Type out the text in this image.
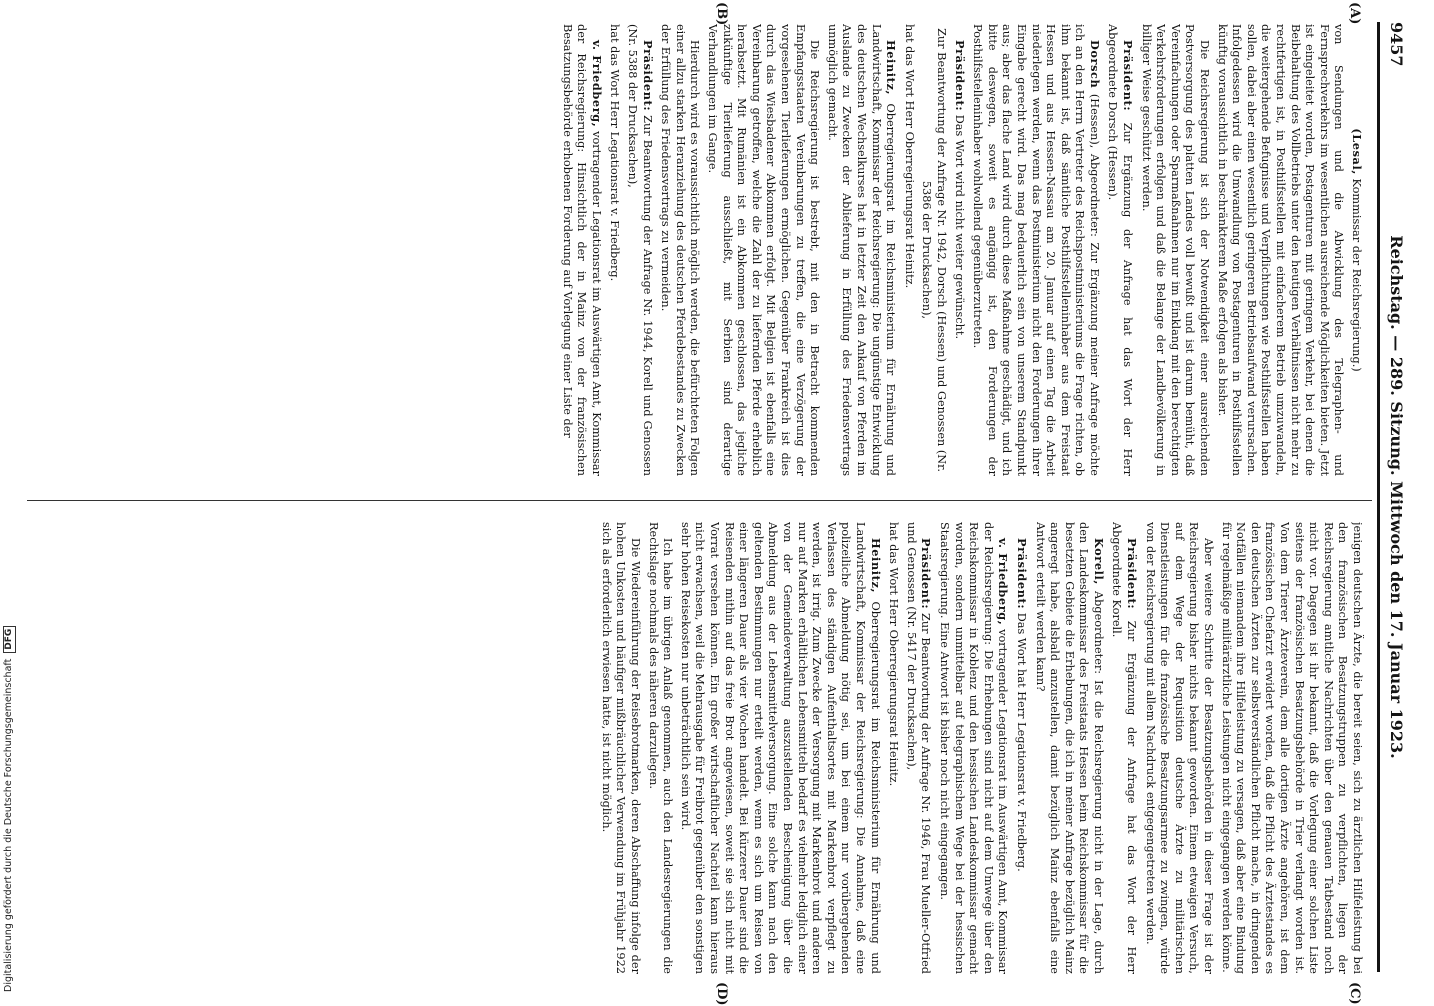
Reichstag. — 289. Sitzung. Mittwoch den 17. Januar 1923.
9457
(A)
(B)
(C)
(D)

(Lesal, Kommissar der Reichsregierung.)

von Sendungen und die Abwicklung des Telegraphen- und Fernsprechverkehrs im wesentlichen ausreichende Möglichkeiten bieten. Jetzt ist eingeleitet worden, Postagenturen mit geringem Verkehr, bei denen die Beibehaltung des Vollbetriebs unter den heutigen Verhältnissen nicht mehr zu rechtfertigen ist, in Posthilfsstellen mit einfacherem Betrieb umzuwandeln, die weitergehende Befugnisse und Verpflichtungen wie Posthilfsstellen haben sollen, dabei aber einen wesentlich geringeren Betriebsaufwand verursachen. Infolgedessen wird die Umwandlung von Postagenturen in Posthilfsstellen künftig voraussichtlich in beschränkterem Maße erfolgen als bisher.

Die Reichsregierung ist sich der Notwendigkeit einer ausreichenden Postversorgung des platten Landes voll bewußt und ist darum bemüht, daß Vereinfachungen oder Sparmaßnahmen nur im Einklang mit den berechtigten Verkehrsforderungen erfolgen und daß die Belange der Landbevölkerung in billiger Weise geschützt werden.

Präsident: Zur Ergänzung der Anfrage hat das Wort der Herr Abgeordnete Dorsch (Hessen).

Dorsch (Hessen), Abgeordneter: Zur Ergänzung meiner Anfrage möchte ich an den Herrn Vertreter des Reichspostministeriums die Frage richten, ob ihm bekannt ist, daß sämtliche Posthilfsstelleninhaber aus dem Freistaat Hessen und aus Hessen-Nassau am 20. Januar auf einen Tag die Arbeit niederlegen werden, wenn das Postministerium nicht den Forderungen ihrer Eingabe gerecht wird. Das mag bedauerlich sein von unserem Standpunkt aus; aber das flache Land wird durch diese Maßnahme geschädigt, und ich bitte deswegen, soweit es angängig ist, den Forderungen der Posthilfsstelleninhaber wohlwollend gegenüberzutreten.

Präsident: Das Wort wird nicht weiter gewünscht.

Zur Beantwortung der Anfrage Nr. 1942, Dorsch (Hessen) und Genossen (Nr. 5386 der Drucksachen),

hat das Wort Herr Oberregierungsrat Heinitz.

Heinitz, Oberregierungsrat im Reichsministerium für Ernährung und Landwirtschaft, Kommissar der Reichsregierung: Die ungünstige Entwicklung des deutschen Wechselkurses hat in letzter Zeit den Ankauf von Pferden im Auslande zu Zwecken der Ablieferung in Erfüllung des Friedensvertrags unmöglich gemacht.

Die Reichsregierung ist bestrebt, mit den in Betracht kommenden Empfangsstaaten Vereinbarungen zu treffen, die eine Verzögerung der vorgesehenen Tierlieferungen ermöglichen. Gegenüber Frankreich ist dies durch das Wiesbadener Abkommen erfolgt. Mit Belgien ist ebenfalls eine Vereinbarung getroffen, welche die Zahl der zu liefernden Pferde erheblich herabsetzt. Mit Rumänien ist ein Abkommen geschlossen, das jegliche zukünftige Tierlieferung ausschließt, mit Serbien sind derartige Verhandlungen im Gange.

Hierdurch wird es voraussichtlich möglich werden, die befürchteten Folgen einer allzu starken Heranziehung des deutschen Pferdebestandes zu Zwecken der Erfüllung des Friedensvertrags zu vermeiden.

Präsident: Zur Beantwortung der Anfrage Nr. 1944, Korell und Genossen (Nr. 5388 der Drucksachen),

hat das Wort Herr Legationsrat v. Friedberg.

v. Friedberg, vortragender Legationsrat im Auswärtigen Amt, Kommissar der Reichsregierung: Hinsichtlich der in Mainz von der französischen Besatzungsbehörde erhobenen Forderung auf Vorlegung einer Liste der

jenigen deutschen Ärzte, die bereit seien, sich zu ärztlichen Hilfeleistung bei den französischen Besatzungstruppen zu verpflichten, liegen der Reichsregierung amtliche Nachrichten über den genauen Tatbestand noch nicht vor. Dagegen ist ihr bekannt, daß die Vorlegung einer solchen Liste seitens der französischen Besatzungsbehörde in Trier verlangt worden ist. Von dem Trierer Ärzteverein, dem alle dortigen Ärzte angehören, ist dem französischen Chefarzt erwidert worden, daß die Pflicht des Ärztestandes es den deutschen Ärzten zur selbstverständlichen Pflicht mache, in dringenden Notfällen niemandem ihre Hilfeleistung zu versagen, daß aber eine Bindung für regelmäßige militärärztliche Leistungen nicht eingegangen werden könne.

Aber weitere Schritte der Besatzungsbehörden in dieser Frage ist der Reichsregierung bisher nichts bekannt geworden. Einem etwaigen Versuch, auf dem Wege der Requisition deutsche Ärzte zu militärischen Dienstleistungen für die französische Besatzungsarmee zu zwingen, würde von der Reichsregierung mit allem Nachdruck entgegengetreten werden.

Präsident: Zur Ergänzung der Anfrage hat das Wort der Herr Abgeordnete Korell.

Korell, Abgeordneter: Ist die Reichsregierung nicht in der Lage, durch den Landeskommissar des Freistaats Hessen beim Reichskommissar für die besetzten Gebiete die Erhebungen, die ich in meiner Anfrage bezüglich Mainz angeregt habe, alsbald anzustellen, damit bezüglich Mainz ebenfalls eine Antwort erteilt werden kann?

Präsident: Das Wort hat Herr Legationsrat v. Friedberg.

v. Friedberg, vortragender Legationsrat im Auswärtigen Amt, Kommissar der Reichsregierung: Die Erhebungen sind nicht auf dem Umwege über den Reichskommissar in Koblenz und den hessischen Landeskommissar gemacht worden, sondern unmittelbar auf telegraphischem Wege bei der hessischen Staatsregierung. Eine Antwort ist bisher noch nicht eingegangen.

Präsident: Zur Beantwortung der Anfrage Nr. 1946, Frau Mueller-Otfried und Genossen (Nr. 5417 der Drucksachen),

hat das Wort Herr Oberregierungsrat Heinitz.

Heinitz, Oberregierungsrat im Reichsministerium für Ernährung und Landwirtschaft, Kommissar der Reichsregierung: Die Annahme, daß eine polizeiliche Abmeldung nötig sei, um bei einem nur vorübergehenden Verlassen des ständigen Aufenthaltsortes mit Markenbrot verpflegt zu werden, ist irrig. Zum Zwecke der Versorgung mit Markenbrot und anderen nur auf Marken erhältlichen Lebensmitteln bedarf es vielmehr lediglich einer von der Gemeindeverwaltung auszustellenden Bescheinigung über die Abmeldung aus der Lebensmittelversorgung. Eine solche kann nach den geltenden Bestimmungen nur erteilt werden, wenn es sich um Reisen von einer längeren Dauer als vier Wochen handelt. Bei kürzerer Dauer sind die Reisenden mithin auf das freie Brot angewiesen, soweit sie sich nicht mit Vorrat versehen können. Ein großer wirtschaftlicher Nachteil kann hieraus nicht erwachsen, weil die Mehrausgabe für Freibrot gegenüber den sonstigen sehr hohen Reisekosten nur unbeträchtlich sein wird.

Ich habe im übrigen Anlaß genommen, auch den Landesregierungen die Rechtslage nochmals des näheren darzulegen.

Die Wiedereinführung der Reisebrotmarken, deren Abschaffung infolge der hohen Unkosten und häufiger mißbräuchlicher Verwendung im Frühjahr 1922 sich als erforderlich erwiesen hatte, ist nicht möglich.

Digitalisierung gefördert durch die Deutsche Forschungsgemeinschaft
DFG
